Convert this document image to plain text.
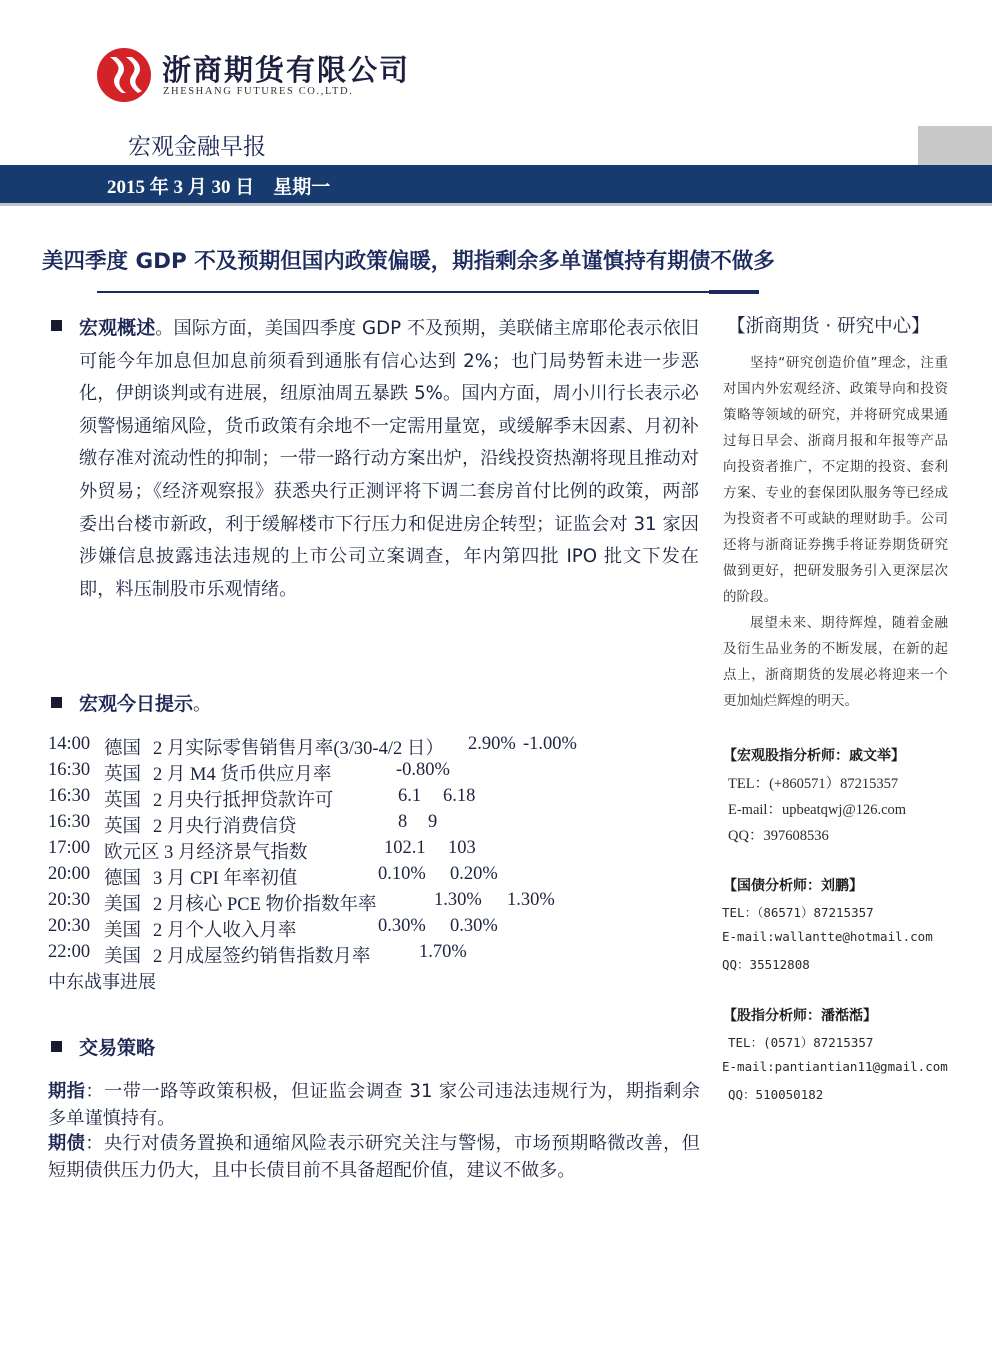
浙商期货有限公司
ZHESHANG FUTURES CO.,LTD.
宏观金融早报
2015 年 3 月 30 日　星期一
美四季度 GDP 不及预期但国内政策偏暖，期指剩余多单谨慎持有期债不做多
宏观概述。国际方面，美国四季度 GDP 不及预期，美联储主席耶伦表示依旧可能今年加息但加息前须看到通胀有信心达到 2%；也门局势暂未进一步恶化，伊朗谈判或有进展，纽原油周五暴跌 5%。国内方面，周小川行长表示必须警惕通缩风险，货币政策有余地不一定需用量宽，或缓解季末因素、月初补缴存准对流动性的抑制；一带一路行动方案出炉，沿线投资热潮将现且推动对外贸易；《经济观察报》获悉央行正测评将下调二套房首付比例的政策，两部委出台楼市新政，利于缓解楼市下行压力和促进房企转型；证监会对 31 家因涉嫌信息披露违法违规的上市公司立案调查，年内第四批 IPO 批文下发在即，料压制股市乐观情绪。
宏观今日提示。
14:00 德国 2 月实际零售销售月率(3/30-4/2 日） 2.90% -1.00%
16:30 英国 2 月 M4 货币供应月率	-0.80%
16:30 英国 2 月央行抵押贷款许可	6.1 6.18
16:30 英国 2 月央行消费信贷	8 9
17:00 欧元区 3 月经济景气指数	102.1 103
20:00 德国 3 月 CPI 年率初值	0.10% 0.20%
20:30 美国 2 月核心 PCE 物价指数年率	1.30% 1.30%
20:30 美国 2 月个人收入月率	0.30% 0.30%
22:00 美国 2 月成屋签约销售指数月率	1.70%
中东战事进展
交易策略
期指：一带一路等政策积极，但证监会调查 31 家公司违法违规行为，期指剩余多单谨慎持有。
期债：央行对债务置换和通缩风险表示研究关注与警惕，市场预期略微改善，但短期债供压力仍大，且中长债目前不具备超配价值，建议不做多。
【浙商期货 · 研究中心】

坚持“研究创造价值”理念，注重对国内外宏观经济、政策导向和投资策略等领域的研究，并将研究成果通过每日早会、浙商月报和年报等产品向投资者推广，不定期的投资、套利方案、专业的套保团队服务等已经成为投资者不可或缺的理财助手。公司还将与浙商证券携手将证券期货研究做到更好，把研发服务引入更深层次的阶段。

展望未来、期待辉煌，随着金融及衍生品业务的不断发展，在新的起点上，浙商期货的发展必将迎来一个更加灿烂辉煌的明天。

【宏观股指分析师：戚文举】
TEL：(+860571）87215357
E-mail：upbeatqwj@126.com
QQ：397608536
【国债分析师：刘鹏】
TEL：（86571）87215357
E-mail:wallantte@hotmail.com
QQ：35512808
【股指分析师：潘湉湉】
TEL：(0571）87215357
E-mail:pantiantian11@gmail.com
QQ：510050182
